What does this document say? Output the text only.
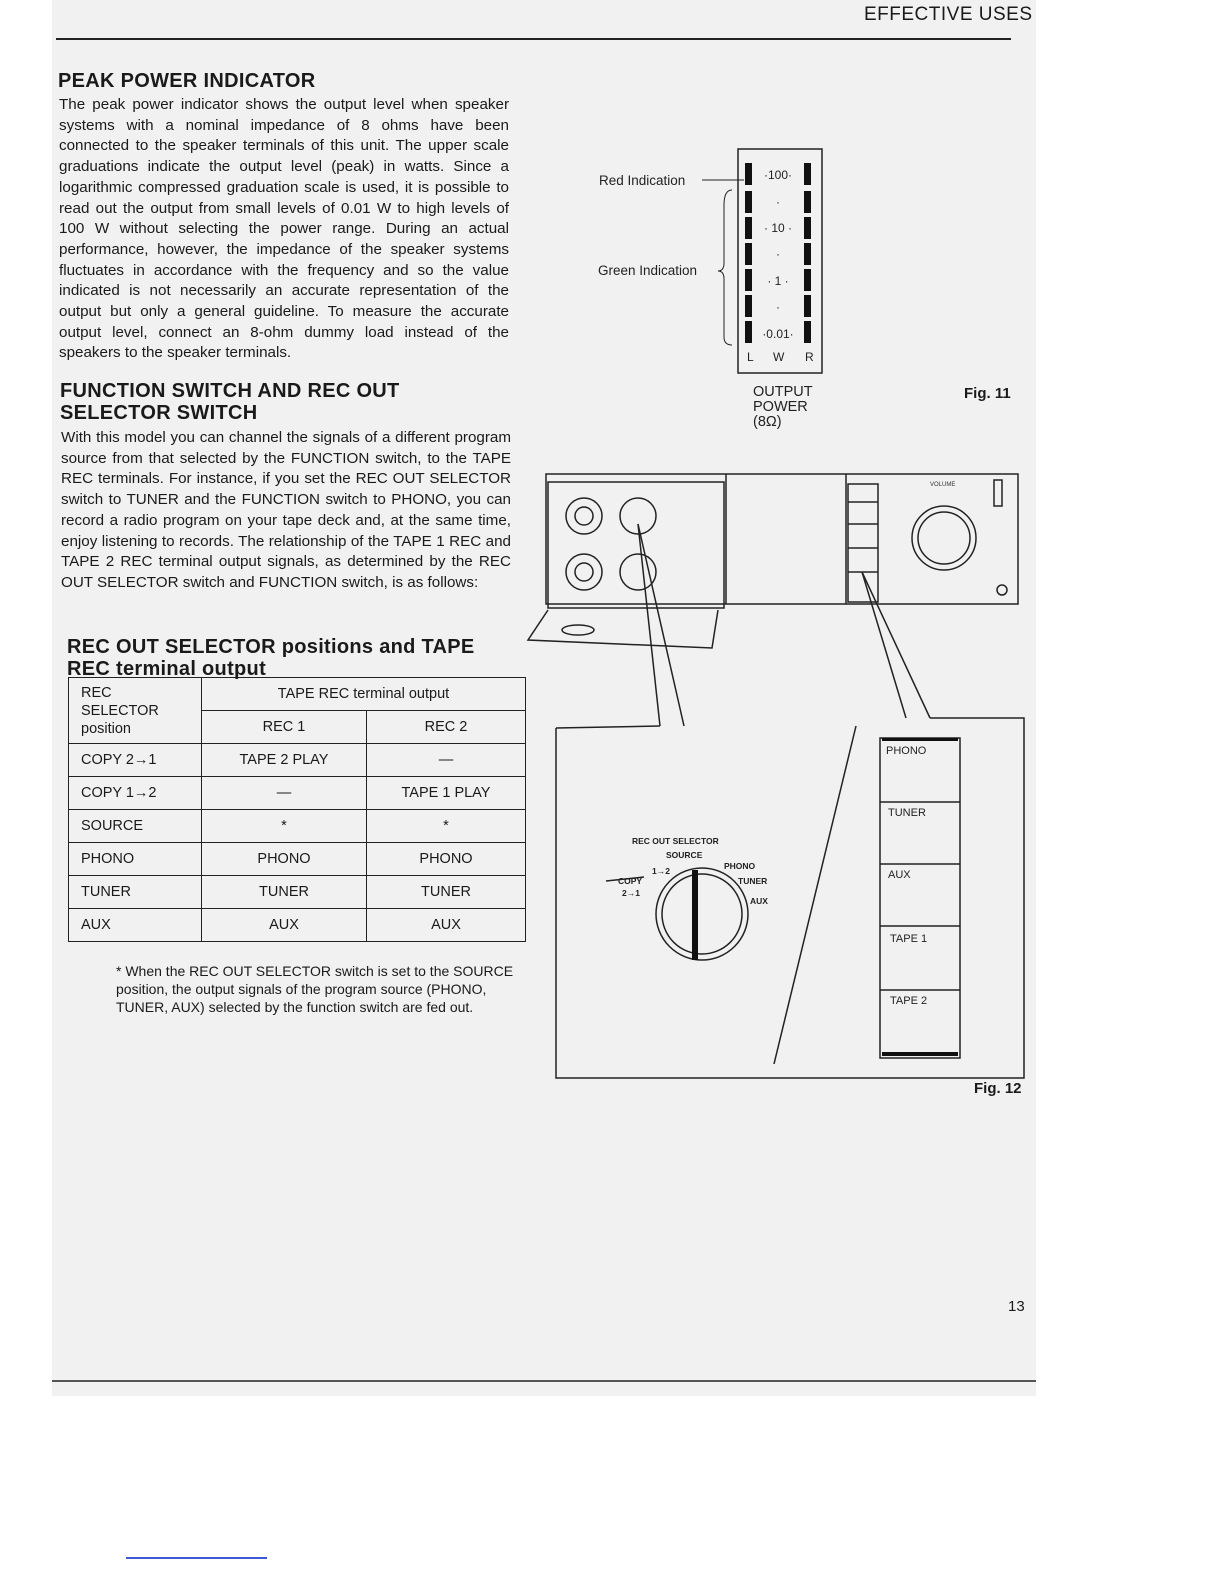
EFFECTIVE USES
PEAK POWER INDICATOR
The peak power indicator shows the output level when speaker systems with a nominal impedance of 8 ohms have been connected to the speaker terminals of this unit. The upper scale graduations indicate the output level (peak) in watts. Since a logarithmic compressed graduation scale is used, it is possible to read out the output from small levels of 0.01 W to high levels of 100 W without selecting the power range. During an actual performance, however, the impedance of the speaker systems fluctuates in accordance with the frequency and so the value indicated is not necessarily an accurate representation of the output but only a general guideline. To measure the accurate output level, connect an 8-ohm dummy load instead of the speakers to the speaker terminals.
FUNCTION SWITCH AND REC OUT
SELECTOR SWITCH
With this model you can channel the signals of a different program source from that selected by the FUNCTION switch, to the TAPE REC terminals. For instance, if you set the REC OUT SELECTOR switch to TUNER and the FUNCTION switch to PHONO, you can record a radio program on your tape deck and, at the same time, enjoy listening to records. The relationship of the TAPE 1 REC and TAPE 2 REC terminal output signals, as determined by the REC OUT SELECTOR switch and FUNCTION switch, is as follows:
REC OUT SELECTOR positions and TAPE
REC terminal output
REC SELECTOR
position	TAPE REC terminal output	
	REC 1	REC 2
COPY 2→1	TAPE 2 PLAY	—
COPY 1→2	—	TAPE 1 PLAY
SOURCE	*	*
PHONO	PHONO	PHONO
TUNER	TUNER	TUNER
AUX	AUX	AUX
* When the REC OUT SELECTOR switch is set to the SOURCE position, the output signals of the program source (PHONO, TUNER, AUX) selected by the function switch are fed out.
·100·
·
· 10 ·
·
· 1 ·
·
·0.01·
L W R
Red Indication
Green Indication
OUTPUT
POWER
(8Ω)
Fig. 11
REC OUT SELECTOR
SOURCE
1→2
COPY
2→1
PHONO
TUNER
AUX
VOLUME
PHONO
TUNER
AUX
TAPE 1
TAPE 2
Fig. 12
13
